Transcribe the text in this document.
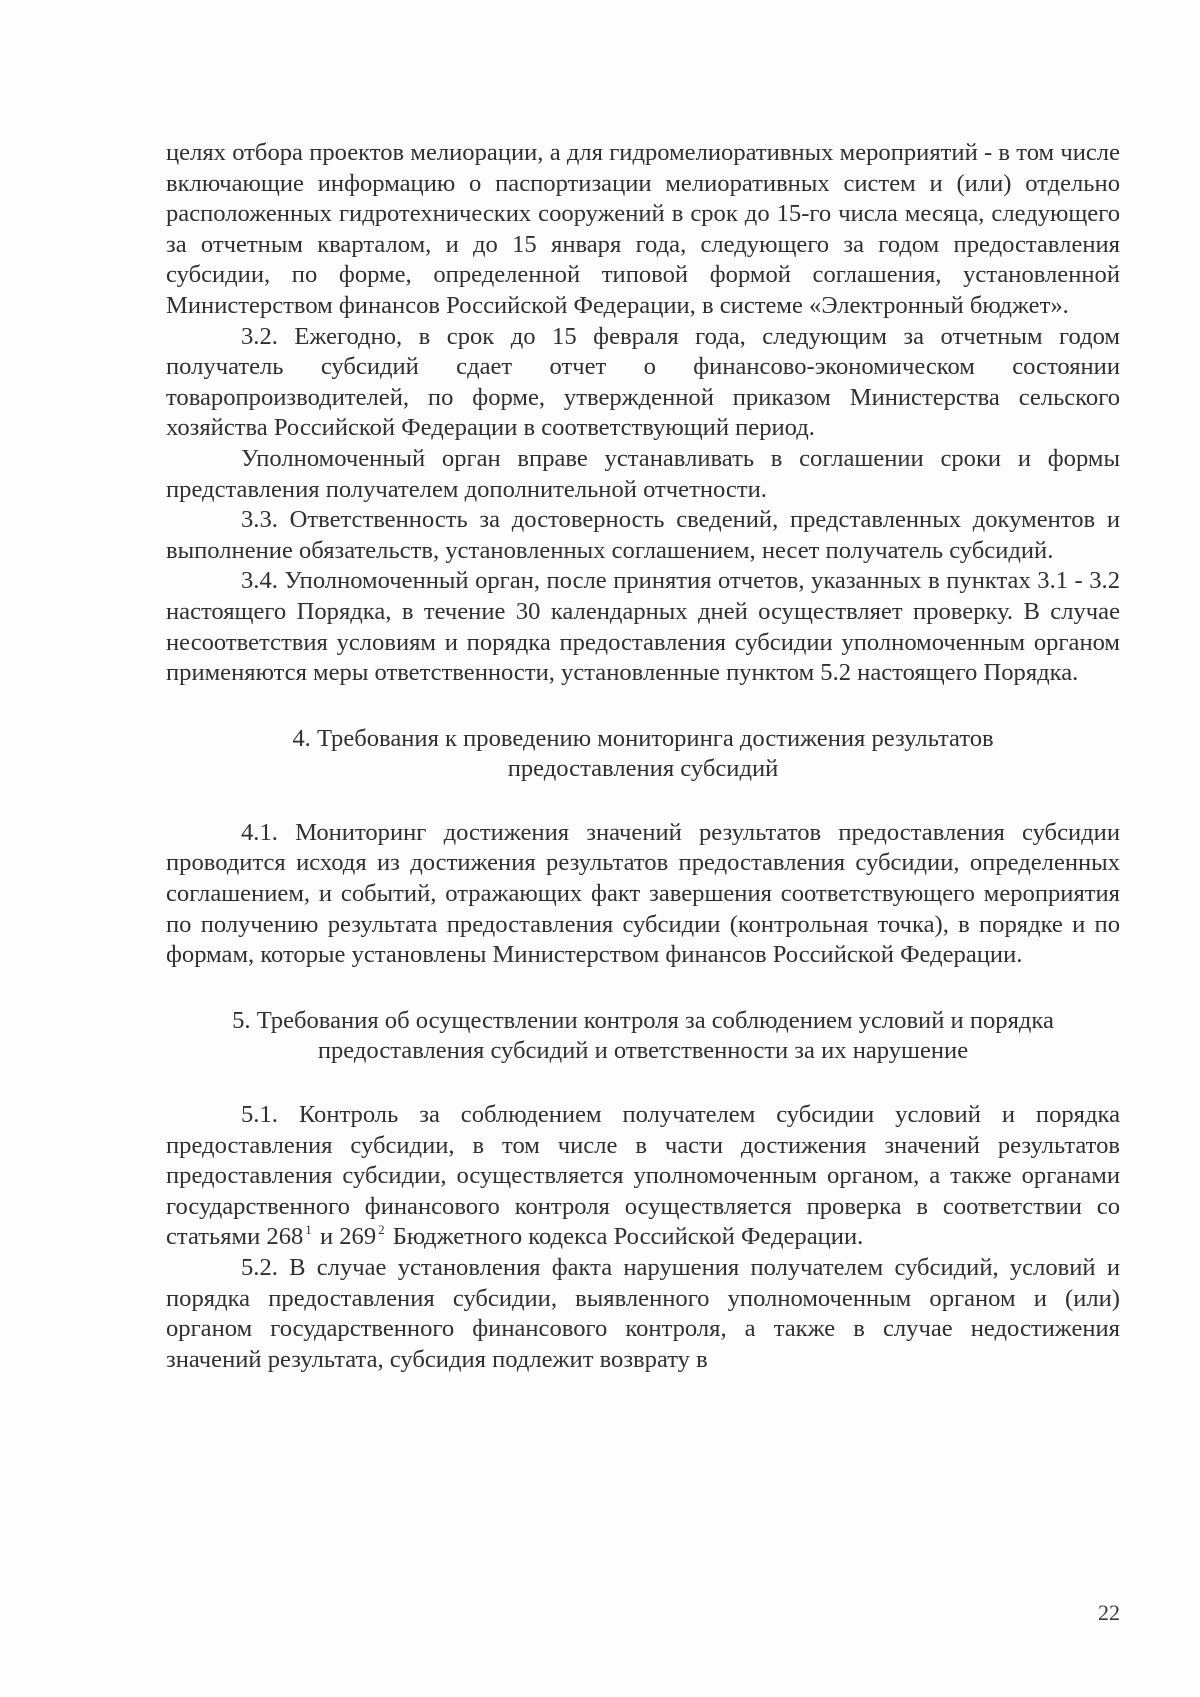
целях отбора проектов мелиорации, а для гидромелиоративных мероприятий - в том числе включающие информацию о паспортизации мелиоративных систем и (или) отдельно расположенных гидротехнических сооружений в срок до 15-го числа месяца, следующего за отчетным кварталом, и до 15 января года, следующего за годом предоставления субсидии, по форме, определенной типовой формой соглашения, установленной Министерством финансов Российской Федерации, в системе «Электронный бюджет».

3.2. Ежегодно, в срок до 15 февраля года, следующим за отчетным годом получатель субсидий сдает отчет о финансово-экономическом состоянии товаропроизводителей, по форме, утвержденной приказом Министерства сельского хозяйства Российской Федерации в соответствующий период.

Уполномоченный орган вправе устанавливать в соглашении сроки и формы представления получателем дополнительной отчетности.

3.3. Ответственность за достоверность сведений, представленных документов и выполнение обязательств, установленных соглашением, несет получатель субсидий.

3.4. Уполномоченный орган, после принятия отчетов, указанных в пунктах 3.1 - 3.2 настоящего Порядка, в течение 30 календарных дней осуществляет проверку. В случае несоответствия условиям и порядка предоставления субсидии уполномоченным органом применяются меры ответственности, установленные пунктом 5.2 настоящего Порядка.

4. Требования к проведению мониторинга достижения результатов
предоставления субсидий

4.1. Мониторинг достижения значений результатов предоставления субсидии проводится исходя из достижения результатов предоставления субсидии, определенных соглашением, и событий, отражающих факт завершения соответствующего мероприятия по получению результата предоставления субсидии (контрольная точка), в порядке и по формам, которые установлены Министерством финансов Российской Федерации.

5. Требования об осуществлении контроля за соблюдением условий и порядка
предоставления субсидий и ответственности за их нарушение

5.1. Контроль за соблюдением получателем субсидии условий и порядка предоставления субсидии, в том числе в части достижения значений результатов предоставления субсидии, осуществляется уполномоченным органом, а также органами государственного финансового контроля осуществляется проверка в соответствии со статьями 268 $^1$ и 269 $^2$ Бюджетного кодекса Российской Федерации.

5.2. В случае установления факта нарушения получателем субсидий, условий и порядка предоставления субсидии, выявленного уполномоченным органом и (или) органом государственного финансового контроля, а также в случае недостижения значений результата, субсидия подлежит возврату в

22
